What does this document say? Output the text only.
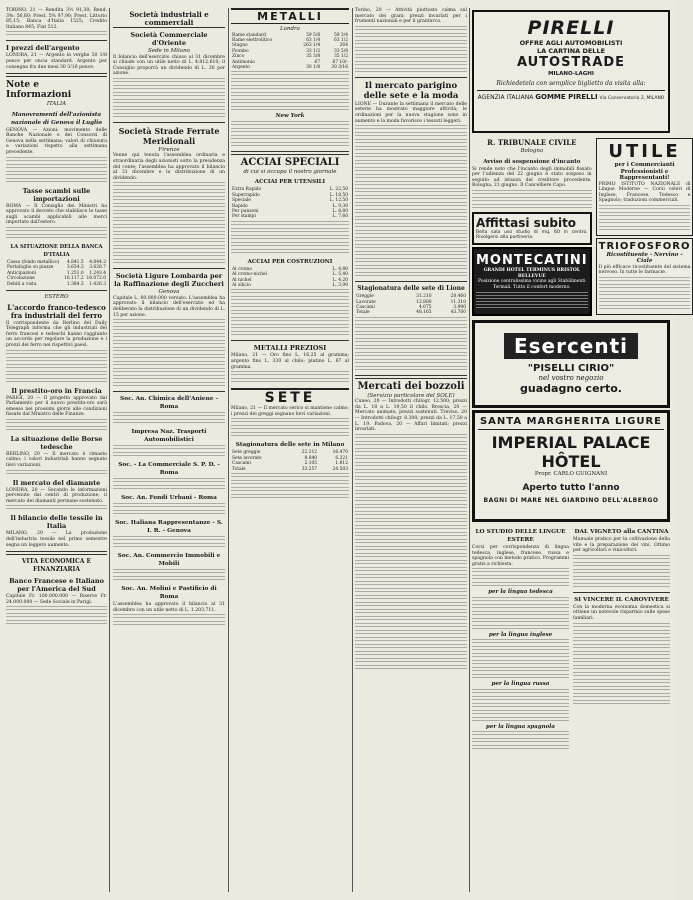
TORINO, 21 — Rendita 3½ 91,30; Rend. 3%: 56,80; Prest. 5% 97,90; Prest. Littorio 85,15; Banca d'Italia 1525; Credito Italiano 845; Fiat 512.
I prezzi dell'argento
LONDRA, 21 — Argento in verghe 30 1/8 pence per oncia standard. Argento per consegna fra due mesi 30 3/16 pence.
Note e Informazioni
ITALIA
Manovramenti dell'azionista nazionale di Genova il Luglio
GENOVA — Azioni: movimento delle Banche Nazionale e dei Consorzi di Genova nella settimana; valori di chiusura e variazioni rispetto alla settimana precedente.
Tasse scambi sulle importazioni
ROMA — Il Consiglio dei Ministri ha approvato il decreto che stabilisce le tasse sugli scambi applicabili alle merci importate dall'estero.
LA SITUAZIONE DELLA BANCA D'ITALIA
Cassa (fondo metallico)	4.841.5	4.844.2
Portafoglio su piazze	3.654.3	3.628.7
Anticipazioni	1.251.0	1.243.4
Circolazione	16.117.2	16.072.0
Debiti a vista	1.384.3	1.426.3
ESTERO
L'accordo franco-tedesco fra industriali del ferro
Il corrispondente da Berlino del Daily Telegraph informa che gli industriali del ferro francesi e tedeschi hanno raggiunto un accordo per regolare la produzione e i prezzi del ferro nei rispettivi paesi.
Il prestito-oro in Francia
PARIGI, 20 — Il progetto approvato dal Parlamento per il nuovo prestito-oro sarà emesso nei prossimi giorni alle condizioni fissate dal Ministro delle Finanze.
La situazione delle Borse tedesche
BERLINO, 20 — Il mercato è rimasto calmo; i valori industriali hanno segnato lievi variazioni.
Il mercato del diamante
LONDRA, 20 — Secondo le informazioni pervenute dai centri di produzione, il mercato dei diamanti permane sostenuto.
Il bilancio delle tessile in Italia
MILANO, 20 — La produzione dell'industria tessile nel primo semestre segna un leggero aumento.
VITA ECONOMICA E FINANZIARIA
Banco Francese e Italiano per l'America del Sud
Capitale Fr. 100.000.000 — Riserve Fr. 24.000.000 — Sede Sociale in Parigi.
Società industriali e commerciali
Società Commerciale d'Oriente
Sede in Milano
Il bilancio dell'esercizio chiuso al 31 dicembre si chiude con un utile netto di L. 4.812.610; il Consiglio proporrà un dividendo di L. 20 per azione.
Società Strade Ferrate Meridionali
Firenze
Venne qui tenuta l'assemblea ordinaria e straordinaria degli azionisti sotto la presidenza del conte; l'assemblea ha approvato il bilancio al 31 dicembre e la distribuzione di un dividendo.
Società Ligure Lombarda per la Raffinazione degli Zuccheri
Genova
Capitale L. 60.000.000 versato. L'assemblea ha approvato il bilancio dell'esercizio ed ha deliberato la distribuzione di un dividendo di L. 15 per azione.
Soc. An. Chimica dell'Aniene - Roma
Impresa Naz. Trasporti Automobilistici
Soc. - La Commerciale S. P. D. - Roma
Soc. An. Fondi Urbani - Roma
Soc. Italiana Rappresentanze - S. I. R. - Genova
Soc. An. Commercio Immobili e Mobili
Soc. An. Molini e Pastificio di Roma
L'assemblea ha approvato il bilancio al 31 dicembre con un utile netto di L. 1.203.711.
METALLI
Londra
Rame standard	59 5/8	59 3/4
Rame elettrolitico	63 1/4	63 1/2
Stagno	263 1/4	264
Piombo	33 1/2	33 5/8
Zinco	35 3/8	35 1/2
Antimonio	67	67 10/-
Argento	30 1/8	30 3/16
New York
ACCIAI SPECIALI
di cui si occupa il nostro giornale
ACCIAI PER UTENSILI
Extra Rapido	L. 22,50
Superrapido	L. 18,50
Speciale	L. 12,50
Rapido	L. 9,30
Per punzoni	L. 8,80
Per stampi	L. 7,60
ACCIAI PER COSTRUZIONI
Al cromo	L. 4,80
Al cromo-nichel	L. 5,40
Al nichel	L. 4,20
Al silicio	L. 3,90
METALLI PREZIOSI
Milano, 21 — Oro fino L. 16,25 al gramma; argento fino L. 330 al chilo; platino L. 67 al gramma.
SETE
Milano, 21 — Il mercato serico si mantiene calmo; i prezzi dei greggi segnano lievi variazioni.
Stagionatura delle sete in Milano
Sete greggie	22.312	16.470
Sete lavorate	8.840	6.221
Cascami	2.105	1.812
Totale	33.257	24.503
Torino, 20 — Attività piuttosto calma sul mercato dei grani; prezzi invariati per i frumenti nazionali e per il granturco.
Il mercato parigino delle sete e la moda
LIONE — Durante la settimana il mercato delle seterie ha mostrato maggiore attività; le ordinazioni per la nuova stagione sono in aumento e la moda favorisce i tessuti leggeri.
Stagionatura delle sete di Lione
Greggie	31.210	28.460
Lavorate	12.880	11.310
Cascami	4.075	3.990
Totale	48.165	43.760
Mercati dei bozzoli
(Servizio particolare del SOLE)
Cuneo, 20 — Introdotti chilogr. 12.500; prezzi da L. 18 a L. 19,50 il chilo. Brescia, 20 — Mercato animato, prezzi sostenuti. Treviso, 20 — Introdotti chilogr. 8.300; prezzi da L. 17,50 a L. 19. Padova, 20 — Affari limitati; prezzi invariati.
PIRELLI
OFFRE AGLI AUTOMOBILISTI
LA CARTINA DELLE
AUTOSTRADE
MILANO-LAGHI
Richiedetela con semplice biglietto da visita alla:
AGENZIA ITALIANA GOMME PIRELLI Via Conservatorio 2, MILANO
R. TRIBUNALE CIVILE
Bologna
Avviso di sospensione d'incanto
Si rende noto che l'incanto degli immobili fissato per l'udienza del 22 giugno è stato sospeso in seguito ad istanza del creditore procedente. Bologna, 21 giugno. Il Cancelliere Capo.
Affittasi subito
Bella sala uso studio di mq. 60 in centro. Rivolgersi alla portineria.
MONTECATINI
GRANDI HOTEL TERMINUS BRISTOL BELLEVUE
Posizione centralissima vicino agli Stabilimenti Termali. Tutto il confort moderno.
UTILE
per i Commercianti Professionisti e Rappresentanti!
PRIMO ISTITUTO NAZIONALE di Lingue Moderne — Corsi celeri di Inglese, Francese, Tedesco e Spagnolo; traduzioni commerciali.
TRIOFOSFORO
Ricostituente - Nervino - Ciale
Il più efficace ricostituente del sistema nervoso. In tutte le farmacie.
Esercenti
"PISELLI CIRIO"
nel vostro negozio
guadagno certo.
SANTA MARGHERITA LIGURE
IMPERIAL PALACE HÔTEL
Propr. CARLO GUIGNANI
Aperto tutto l'anno
BAGNI DI MARE NEL GIARDINO DELL'ALBERGO
LO STUDIO DELLE LINGUE ESTERE
Corsi per corrispondenza di lingua tedesca, inglese, francese, russa e spagnola con metodo pratico. Programmi gratis a richiesta.
per la lingua tedesca
per la lingua inglese
per la lingua russa
per la lingua spagnola
DAL VIGNETO alla CANTINA
Manuale pratico per la coltivazione della vite e la preparazione dei vini. Ottimo per agricoltori e vinicoltori.
SI VINCERE IL CAROVIVERE
Con la moderna economia domestica si ottiene un notevole risparmio sulle spese familiari.
